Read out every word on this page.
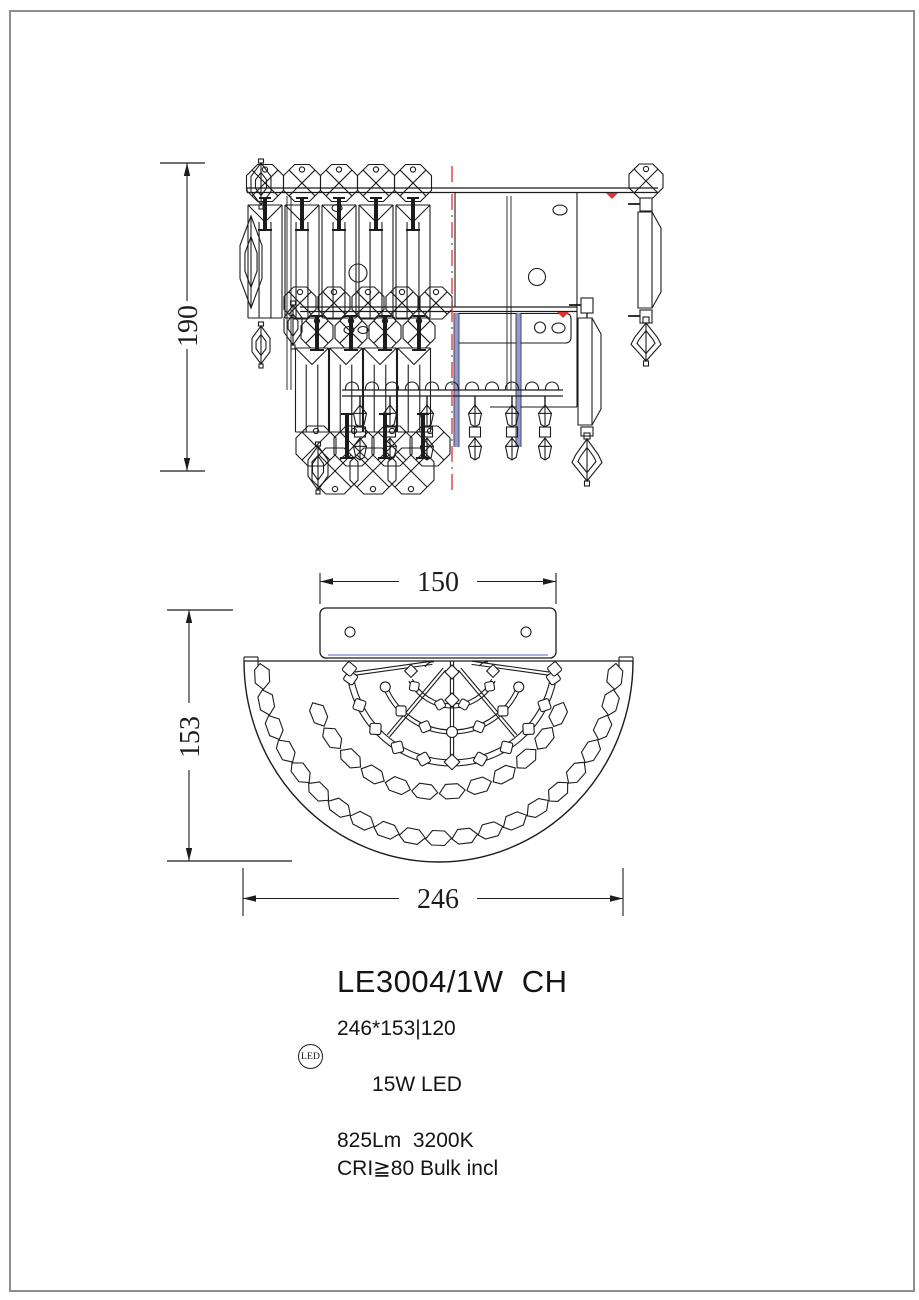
190
150
153
246
LE3004/1W  CH
246*153|120

LED
15W LED

825Lm  3200K
CRI≧80 Bulk incl
